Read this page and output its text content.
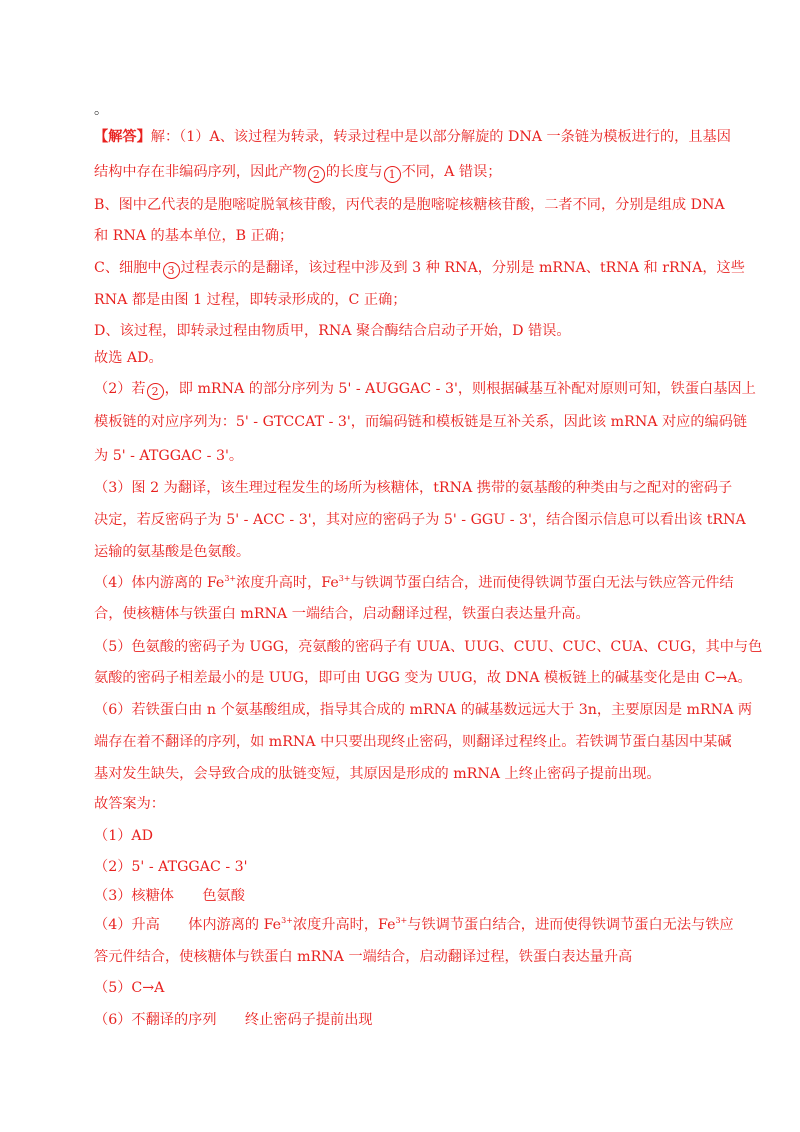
。
【解答】解：（1）A、该过程为转录，转录过程中是以部分解旋的 DNA 一条链为模板进行的，且基因
结构中存在非编码序列，因此产物 2 的长度与 1 不同，A 错误；
B、图中乙代表的是胞嘧啶脱氧核苷酸，丙代表的是胞嘧啶核糖核苷酸，二者不同，分别是组成 DNA
和 RNA 的基本单位，B 正确；
C、细胞中 3 过程表示的是翻译，该过程中涉及到 3 种 RNA，分别是 mRNA、tRNA 和 rRNA，这些
RNA 都是由图 1 过程，即转录形成的，C 正确；
D、该过程，即转录过程由物质甲，RNA 聚合酶结合启动子开始，D 错误。
故选 AD。
（2）若 2 ，即 mRNA 的部分序列为 5' - AUGGAC - 3'，则根据碱基互补配对原则可知，铁蛋白基因上
模板链的对应序列为：5' - GTCCAT - 3'，而编码链和模板链是互补关系，因此该 mRNA 对应的编码链
为 5' - ATGGAC - 3'。
（3）图 2 为翻译，该生理过程发生的场所为核糖体，tRNA 携带的氨基酸的种类由与之配对的密码子
决定，若反密码子为 5' - ACC - 3'，其对应的密码子为 5' - GGU - 3'，结合图示信息可以看出该 tRNA
运输的氨基酸是色氨酸。
（4）体内游离的 $Fe^{3+}$浓度升高时，$Fe^{3+}$与铁调节蛋白结合，进而使得铁调节蛋白无法与铁应答元件结
合，使核糖体与铁蛋白 mRNA 一端结合，启动翻译过程，铁蛋白表达量升高。
（5）色氨酸的密码子为 UGG，亮氨酸的密码子有 UUA、UUG、CUU、CUC、CUA、CUG，其中与色
氨酸的密码子相差最小的是 UUG，即可由 UGG 变为 UUG，故 DNA 模板链上的碱基变化是由 C→A。
（6）若铁蛋白由 n 个氨基酸组成，指导其合成的 mRNA 的碱基数远远大于 3n，主要原因是 mRNA 两
端存在着不翻译的序列，如 mRNA 中只要出现终止密码，则翻译过程终止。若铁调节蛋白基因中某碱
基对发生缺失，会导致合成的肽链变短，其原因是形成的 mRNA 上终止密码子提前出现。
故答案为：
（1）AD
（2）5' - ATGGAC - 3'
（3）核糖体　　色氨酸
（4）升高　　体内游离的 $Fe^{3+}$浓度升高时，$Fe^{3+}$与铁调节蛋白结合，进而使得铁调节蛋白无法与铁应
答元件结合，使核糖体与铁蛋白 mRNA 一端结合，启动翻译过程，铁蛋白表达量升高
（5）C→A
（6）不翻译的序列　　终止密码子提前出现
